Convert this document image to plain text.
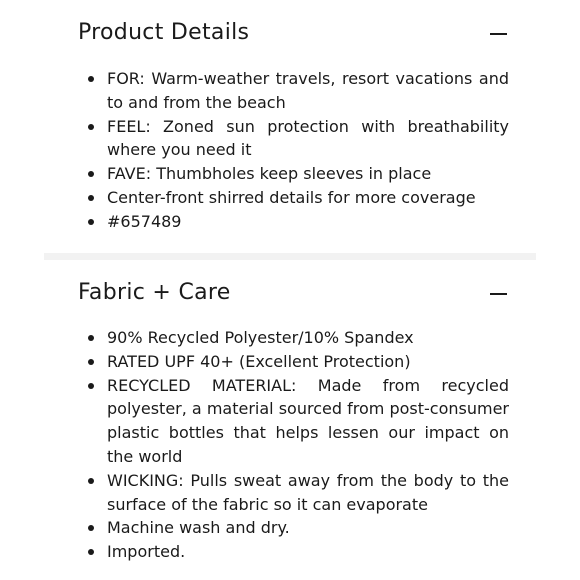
Product Details
FOR: Warm-weather travels, resort vacations and to and from the beach
FEEL: Zoned sun protection with breathability where you need it
FAVE: Thumbholes keep sleeves in place
Center-front shirred details for more coverage
#657489
Fabric + Care
90% Recycled Polyester/10% Spandex
RATED UPF 40+ (Excellent Protection)
RECYCLED MATERIAL: Made from recycled polyester, a material sourced from post-consumer plastic bottles that helps lessen our impact on the world
WICKING: Pulls sweat away from the body to the surface of the fabric so it can evaporate
Machine wash and dry.
Imported.
